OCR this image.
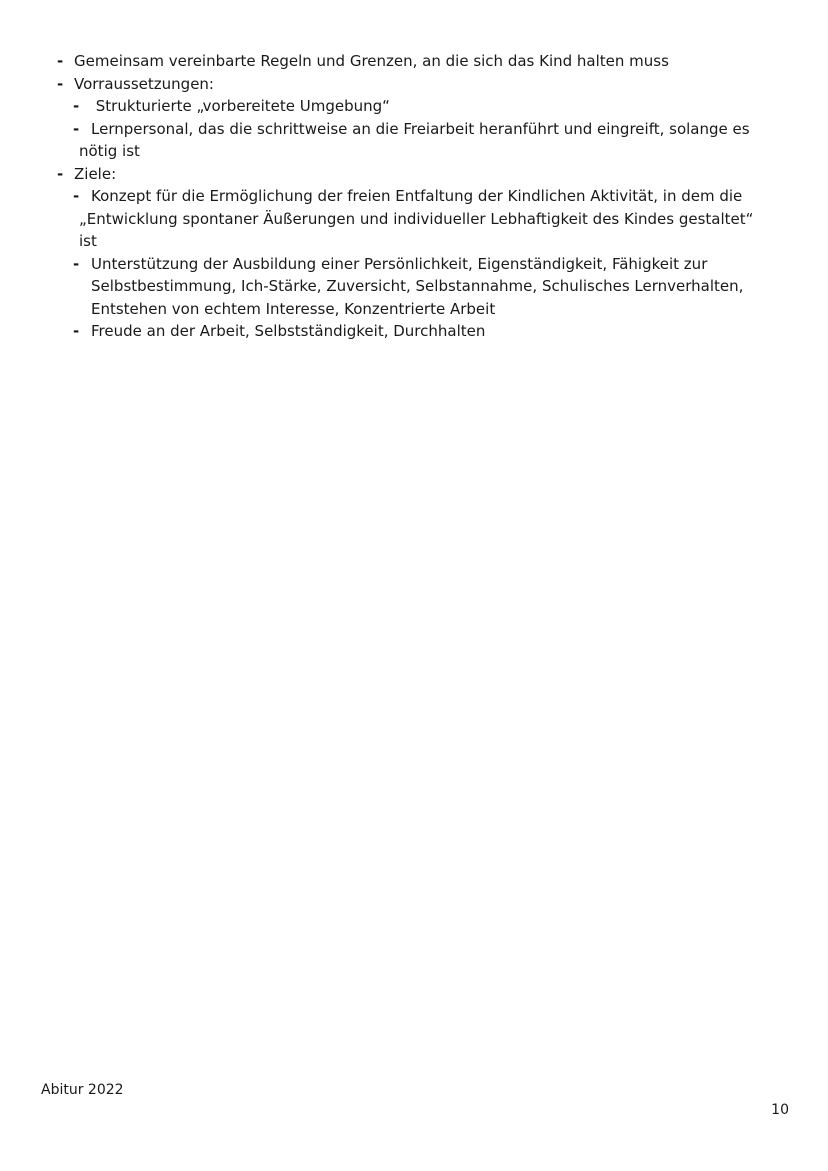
- Gemeinsam vereinbarte Regeln und Grenzen, an die sich das Kind halten muss
- Vorraussetzungen:
- Strukturierte „vorbereitete Umgebung“
- Lernpersonal, das die schrittweise an die Freiarbeit heranführt und eingreift, solange es
nötig ist
- Ziele:
- Konzept für die Ermöglichung der freien Entfaltung der Kindlichen Aktivität, in dem die
„Entwicklung spontaner Äußerungen und individueller Lebhaftigkeit des Kindes gestaltet“
ist
- Unterstützung der Ausbildung einer Persönlichkeit, Eigenständigkeit, Fähigkeit zur
Selbstbestimmung, Ich-Stärke, Zuversicht, Selbstannahme, Schulisches Lernverhalten,
Entstehen von echtem Interesse, Konzentrierte Arbeit
- Freude an der Arbeit, Selbstständigkeit, Durchhalten
Abitur 2022
10
